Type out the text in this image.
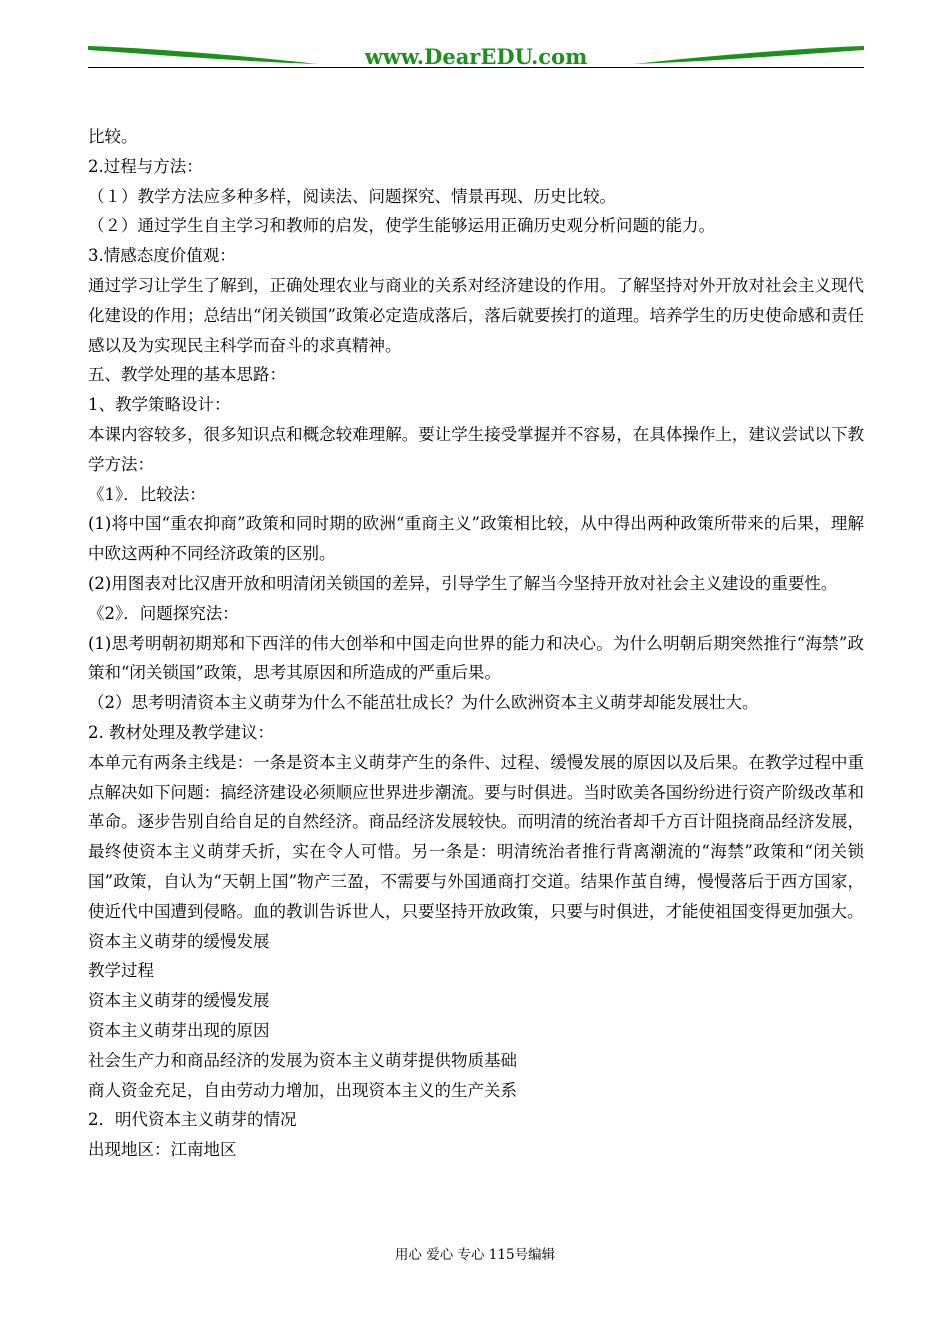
www.DearEDU.com

比较。

2.过程与方法：

（１）教学方法应多种多样，阅读法、问题探究、情景再现、历史比较。

（２）通过学生自主学习和教师的启发，使学生能够运用正确历史观分析问题的能力。

3.情感态度价值观：

通过学习让学生了解到，正确处理农业与商业的关系对经济建设的作用。了解坚持对外开放对社会主义现代化建设的作用；总结出“闭关锁国”政策必定造成落后，落后就要挨打的道理。培养学生的历史使命感和责任感以及为实现民主科学而奋斗的求真精神。

五、教学处理的基本思路：

1、教学策略设计：

本课内容较多，很多知识点和概念较难理解。要让学生接受掌握并不容易，在具体操作上，建议尝试以下教学方法：

《1》．比较法：

(1)将中国“重农抑商”政策和同时期的欧洲“重商主义”政策相比较，从中得出两种政策所带来的后果，理解中欧这两种不同经济政策的区别。

(2)用图表对比汉唐开放和明清闭关锁国的差异，引导学生了解当今坚持开放对社会主义建设的重要性。

《2》．问题探究法：

(1)思考明朝初期郑和下西洋的伟大创举和中国走向世界的能力和决心。为什么明朝后期突然推行“海禁”政策和“闭关锁国”政策，思考其原因和所造成的严重后果。

（2）思考明清资本主义萌芽为什么不能茁壮成长？为什么欧洲资本主义萌芽却能发展壮大。

2. 教材处理及教学建议：

本单元有两条主线是：一条是资本主义萌芽产生的条件、过程、缓慢发展的原因以及后果。在教学过程中重点解决如下问题：搞经济建设必须顺应世界进步潮流。要与时俱进。当时欧美各国纷纷进行资产阶级改革和革命。逐步告别自给自足的自然经济。商品经济发展较快。而明清的统治者却千方百计阻挠商品经济发展，最终使资本主义萌芽夭折，实在令人可惜。另一条是：明清统治者推行背离潮流的“海禁”政策和“闭关锁国”政策，自认为“天朝上国”物产三盈，不需要与外国通商打交道。结果作茧自缚，慢慢落后于西方国家，使近代中国遭到侵略。血的教训告诉世人，只要坚持开放政策，只要与时俱进，才能使祖国变得更加强大。

资本主义萌芽的缓慢发展

教学过程

资本主义萌芽的缓慢发展

资本主义萌芽出现的原因

社会生产力和商品经济的发展为资本主义萌芽提供物质基础

商人资金充足，自由劳动力增加，出现资本主义的生产关系

2．明代资本主义萌芽的情况

出现地区：江南地区

用心 爱心 专心 115号编辑
